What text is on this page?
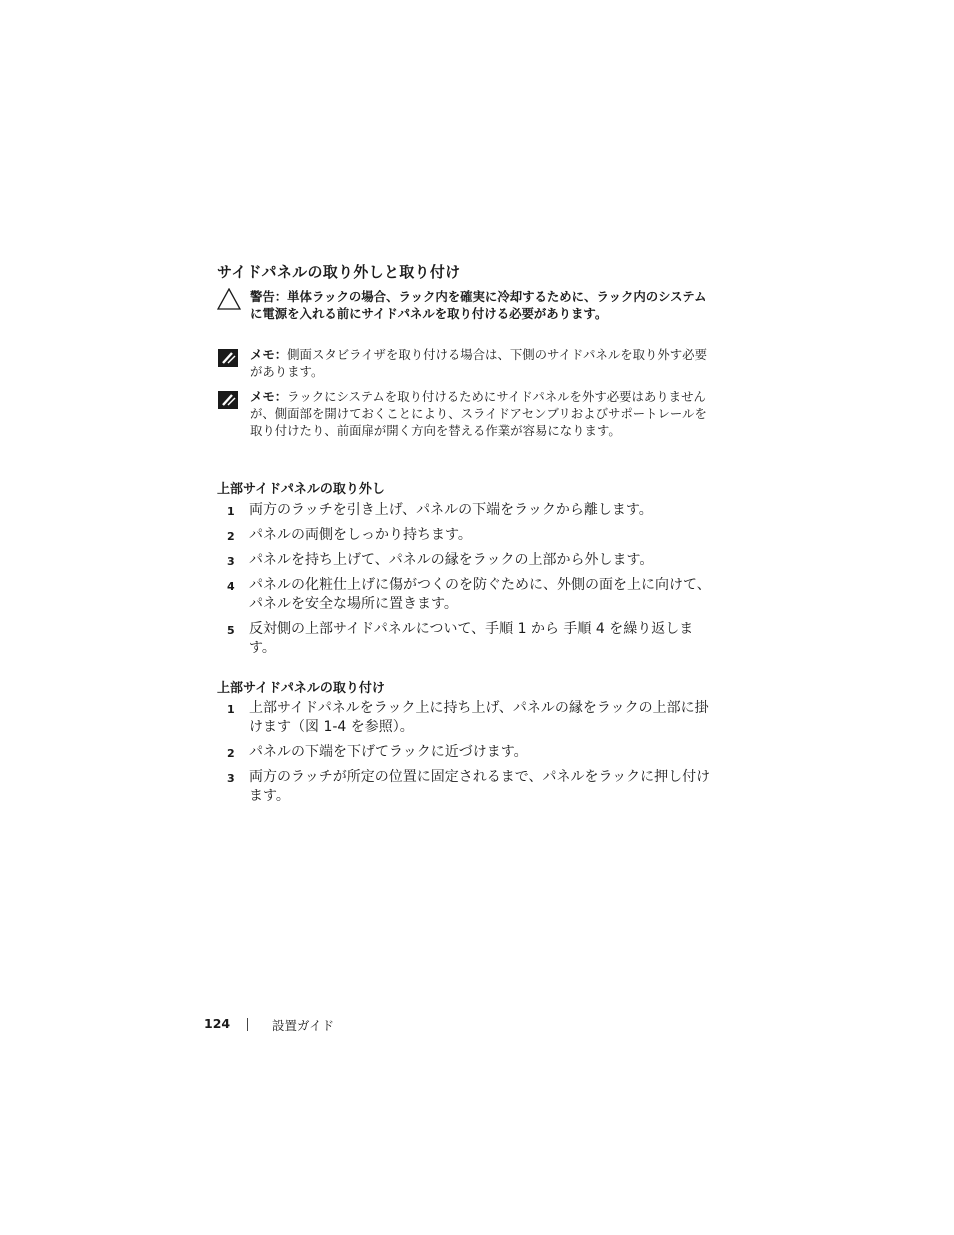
サイドパネルの取り外しと取り付け
警告：単体ラックの場合、ラック内を確実に冷却するために、ラック内のシステムに電源を入れる前にサイドパネルを取り付ける必要があります。
メモ：側面スタビライザを取り付ける場合は、下側のサイドパネルを取り外す必要があります。
メモ：ラックにシステムを取り付けるためにサイドパネルを外す必要はありませんが、側面部を開けておくことにより、スライドアセンブリおよびサポートレールを取り付けたり、前面扉が開く方向を替える作業が容易になります。
上部サイドパネルの取り外し
1 両方のラッチを引き上げ、パネルの下端をラックから離します。
2 パネルの両側をしっかり持ちます。
3 パネルを持ち上げて、パネルの縁をラックの上部から外します。
4 パネルの化粧仕上げに傷がつくのを防ぐために、外側の面を上に向けて、パネルを安全な場所に置きます。
5 反対側の上部サイドパネルについて、手順 1 から 手順 4 を繰り返します。
上部サイドパネルの取り付け
1 上部サイドパネルをラック上に持ち上げ、パネルの縁をラックの上部に掛けます（図 1-4 を参照）。
2 パネルの下端を下げてラックに近づけます。
3 両方のラッチが所定の位置に固定されるまで、パネルをラックに押し付けます。
124	設置ガイド
